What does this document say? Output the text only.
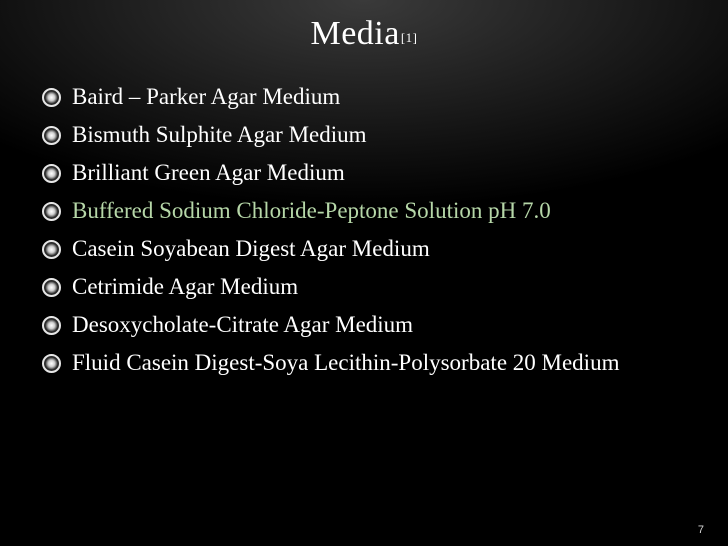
Media[1]
Baird – Parker Agar Medium
Bismuth Sulphite Agar Medium
Brilliant Green Agar Medium
Buffered Sodium Chloride-Peptone Solution pH 7.0
Casein Soyabean Digest Agar Medium
Cetrimide Agar Medium
Desoxycholate-Citrate Agar Medium
Fluid Casein Digest-Soya Lecithin-Polysorbate 20 Medium
7
